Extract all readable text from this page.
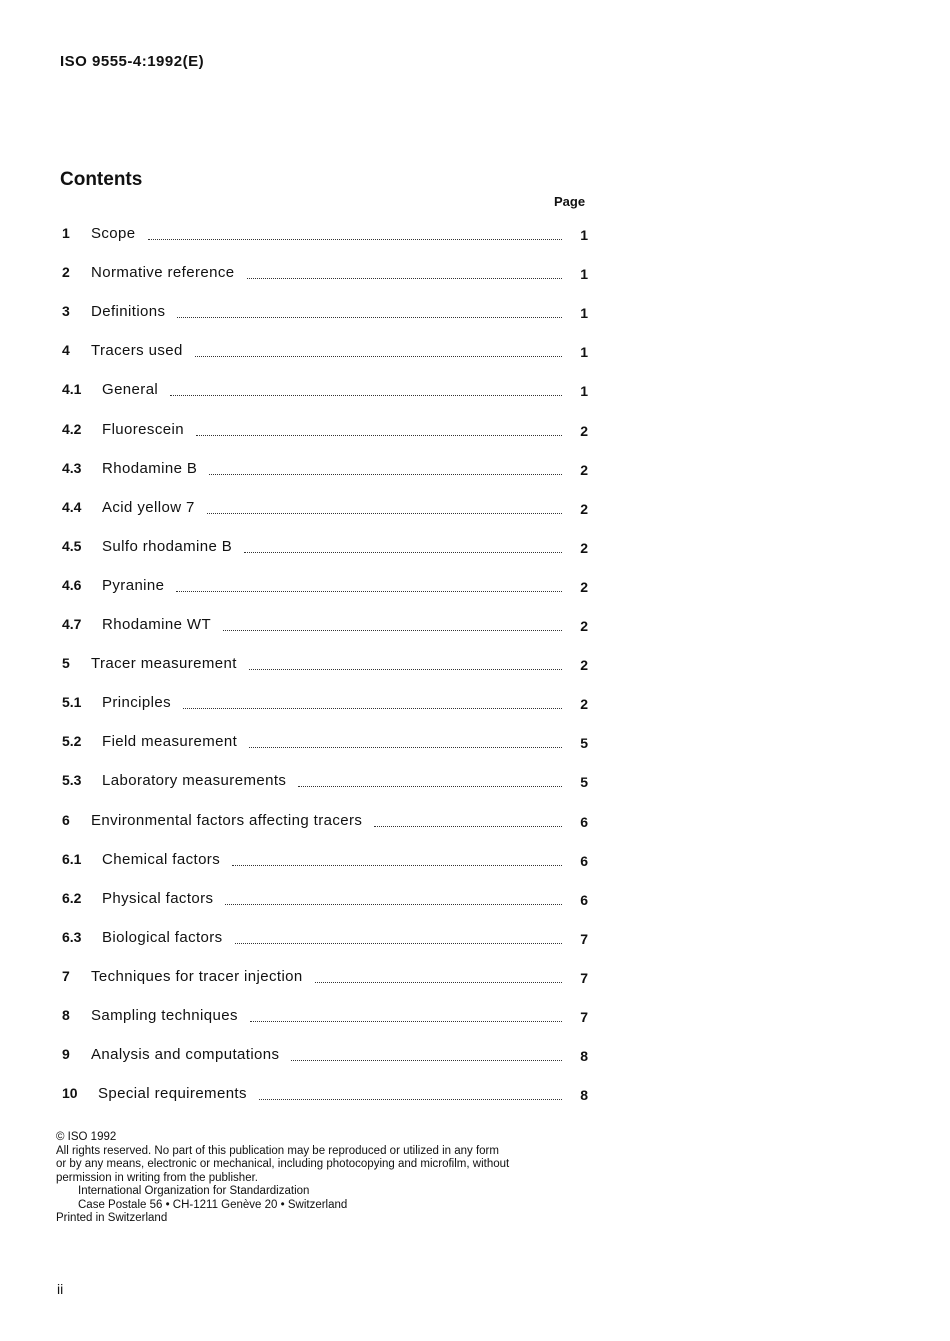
ISO 9555-4:1992(E)
Contents
Page
1 Scope	1
2 Normative reference	1
3 Definitions	1
4 Tracers used	1
4.1 General	1
4.2 Fluorescein	2
4.3 Rhodamine B	2
4.4 Acid yellow 7	2
4.5 Sulfo rhodamine B	2
4.6 Pyranine	2
4.7 Rhodamine WT	2
5 Tracer measurement	2
5.1 Principles	2
5.2 Field measurement	5
5.3 Laboratory measurements	5
6 Environmental factors affecting tracers	6
6.1 Chemical factors	6
6.2 Physical factors	6
6.3 Biological factors	7
7 Techniques for tracer injection	7
8 Sampling techniques	7
9 Analysis and computations	8
10 Special requirements	8
© ISO 1992
All rights reserved. No part of this publication may be reproduced or utilized in any form
or by any means, electronic or mechanical, including photocopying and microfilm, without
permission in writing from the publisher.
International Organization for Standardization
Case Postale 56 • CH-1211 Genève 20 • Switzerland
Printed in Switzerland
ii
